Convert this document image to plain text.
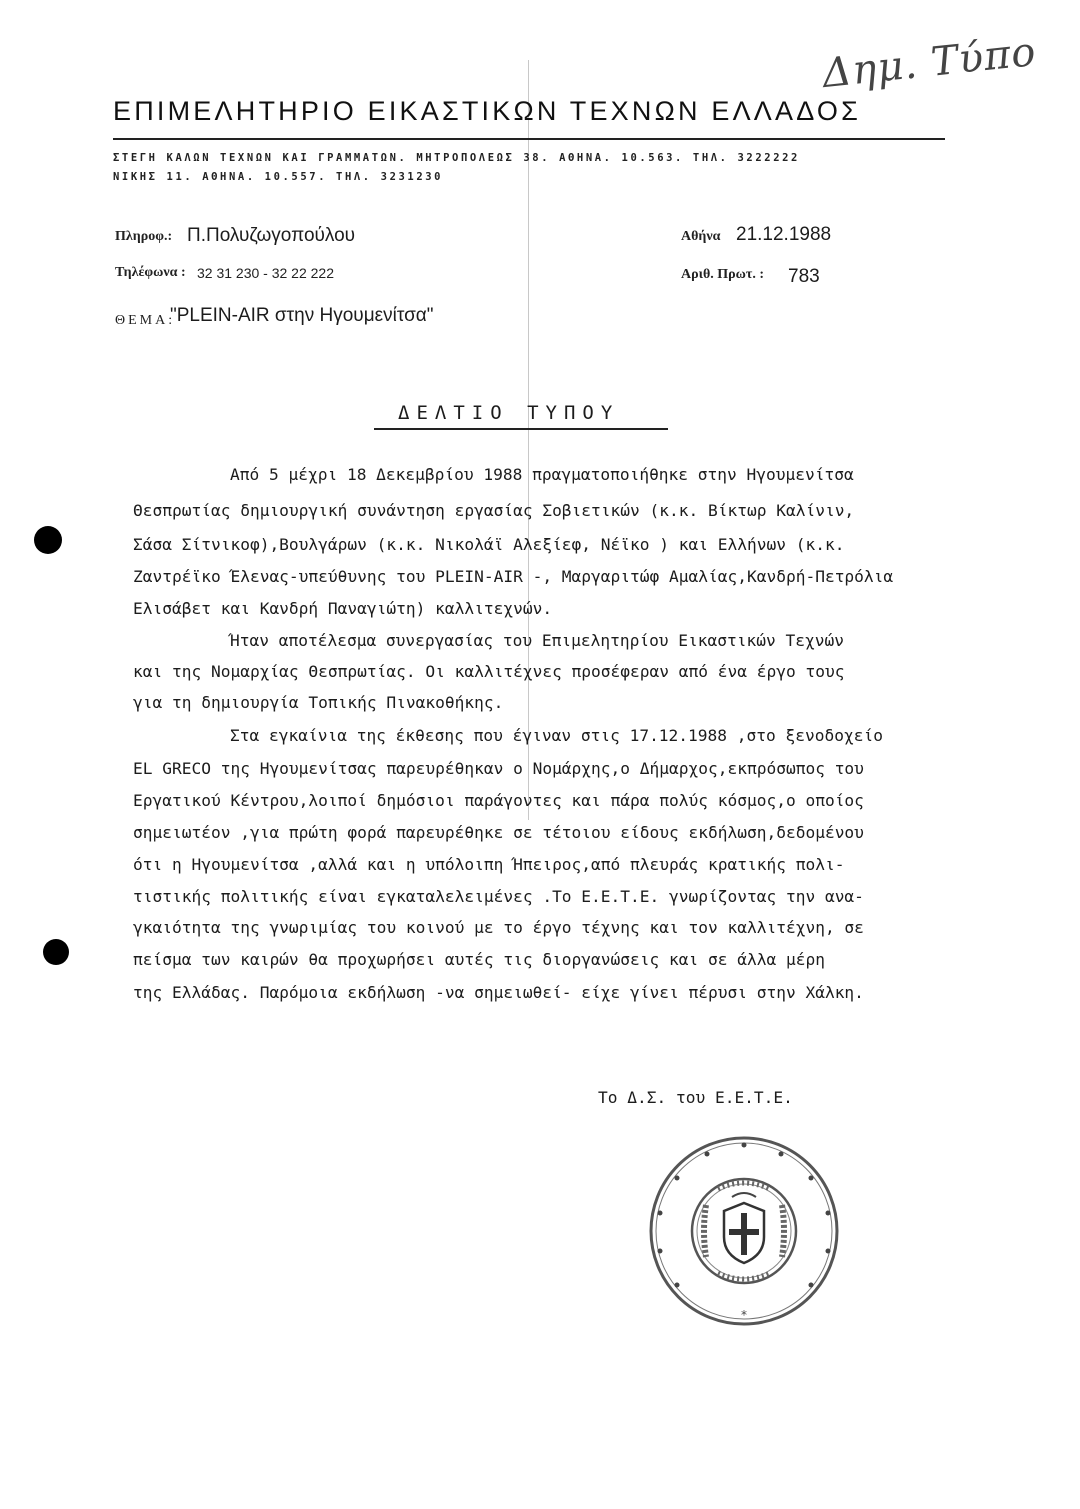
Δημ. Τύπο
ΕΠΙΜΕΛΗΤΗΡΙΟ ΕΙΚΑΣΤΙΚΩΝ ΤΕΧΝΩΝ ΕΛΛΑΔΟΣ
ΣΤΕΓΗ ΚΑΛΩΝ ΤΕΧΝΩΝ ΚΑΙ ΓΡΑΜΜΑΤΩΝ. ΜΗΤΡΟΠΟΛΕΩΣ 38. ΑΘΗΝΑ. 10.563. ΤΗΛ. 3222222
ΝΙΚΗΣ 11. ΑΘΗΝΑ. 10.557. ΤΗΛ. 3231230
Πληροφ.: Π.Πολυζωγοπούλου
Τηλέφωνα : 32 31 230 - 32 22 222
Αθήνα 21.12.1988
Αριθ. Πρωτ. : 783
ΘΕΜΑ:
"PLEIN-AIR στην Ηγουμενίτσα"
ΔΕΛΤΙΟ ΤΥΠΟΥ
Από 5 μέχρι 18 Δεκεμβρίου 1988 πραγματοποιήθηκε στην Ηγουμενίτσα
Θεσπρωτίας δημιουργική συνάντηση εργασίας Σοβιετικών (κ.κ. Βίκτωρ Καλίνιν,
Σάσα Σίτνικοφ),Βουλγάρων (κ.κ. Νικολάϊ Αλεξίεφ, Νέϊκο ) και Ελλήνων (κ.κ.
Ζαντρέϊκο Έλενας-υπεύθυνης του PLEIN-AIR -, Μαργαριτώφ Αμαλίας,Κανδρή-Πετρόλια
Ελισάβετ και Κανδρή Παναγιώτη) καλλιτεχνών.
Ήταν αποτέλεσμα συνεργασίας του Επιμελητηρίου Εικαστικών Τεχνών
και της Νομαρχίας Θεσπρωτίας. Οι καλλιτέχνες προσέφεραν από ένα έργο τους
για τη δημιουργία Τοπικής Πινακοθήκης.
Στα εγκαίνια της έκθεσης που έγιναν στις 17.12.1988 ,στο ξενοδοχείο
EL GRECO της Ηγουμενίτσας παρευρέθηκαν ο Νομάρχης,ο Δήμαρχος,εκπρόσωπος του
Εργατικού Κέντρου,λοιποί δημόσιοι παράγοντες και πάρα πολύς κόσμος,ο οποίος
σημειωτέον ,για πρώτη φορά παρευρέθηκε σε τέτοιου είδους εκδήλωση,δεδομένου
ότι η Ηγουμενίτσα ,αλλά και η υπόλοιπη Ήπειρος,από πλευράς κρατικής πολι-
τιστικής πολιτικής είναι εγκαταλελειμένες .Το Ε.Ε.Τ.Ε. γνωρίζοντας την ανα-
γκαιότητα της γνωριμίας του κοινού με το έργο τέχνης και τον καλλιτέχνη, σε
πείσμα των καιρών θα προχωρήσει αυτές τις διοργανώσεις και σε άλλα μέρη
της Ελλάδας. Παρόμοια εκδήλωση -να σημειωθεί- είχε γίνει πέρυσι στην Χάλκη.
Το Δ.Σ. του Ε.Ε.Τ.Ε.
*
